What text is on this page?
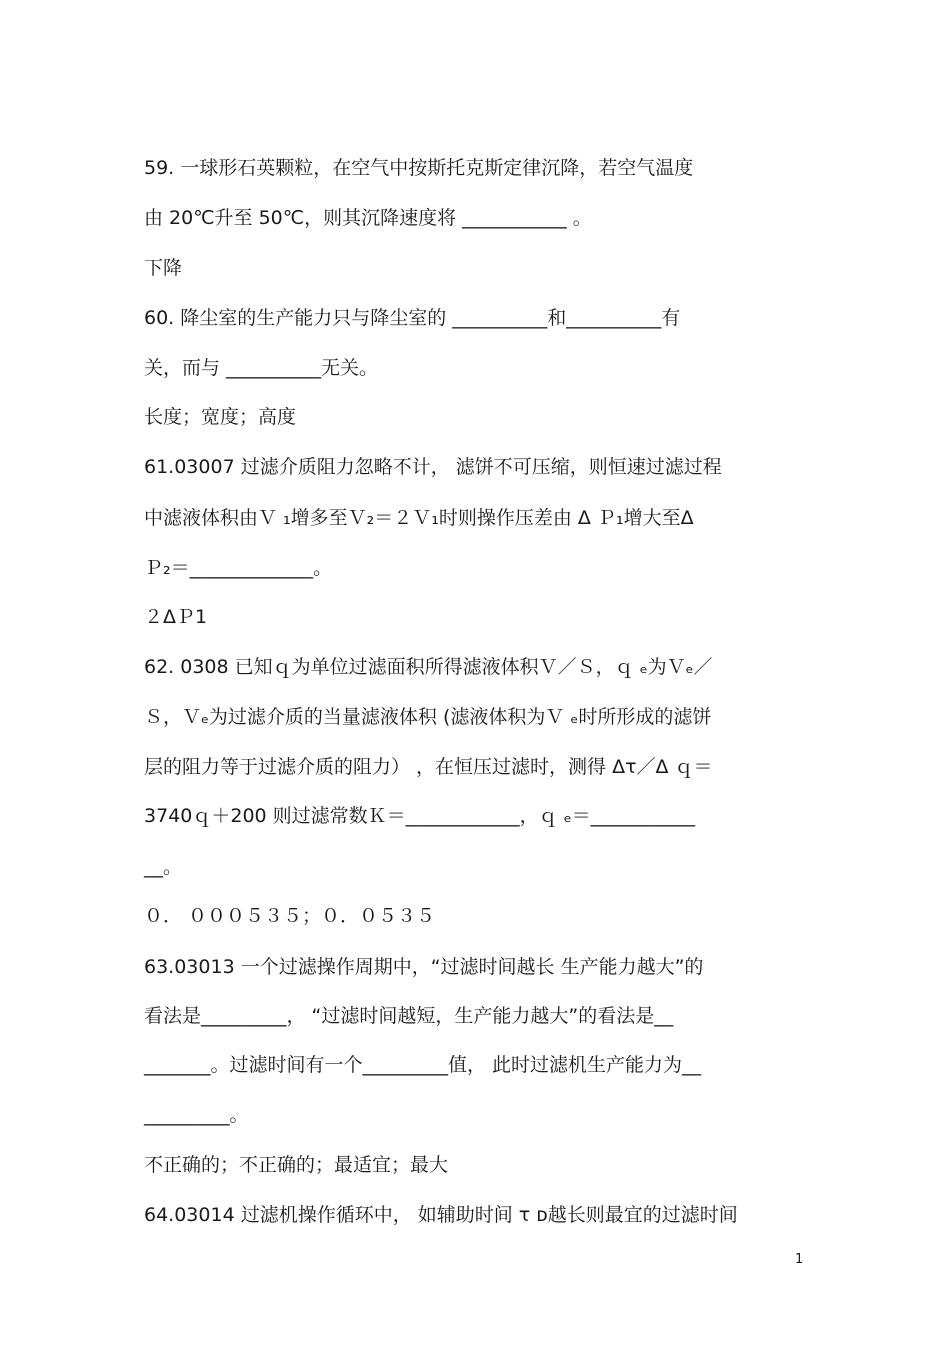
59. 一球形石英颗粒，在空气中按斯托克斯定律沉降，若空气温度
由 20℃升至 50℃，则其沉降速度将 ___________ 。
下降
60. 降尘室的生产能力只与降尘室的 __________和__________有
关，而与 __________无关。
长度；宽度；高度
61.03007 过滤介质阻力忽略不计， 滤饼不可压缩，则恒速过滤过程
中滤液体积由Ｖ ₁增多至Ｖ₂＝２Ｖ₁时则操作压差由 Δ Ｐ₁增大至Δ
Ｐ₂＝_____________。
２ΔＰ1
62. 0308 已知ｑ为单位过滤面积所得滤液体积Ｖ／Ｓ，ｑ ₑ为Ｖₑ／
Ｓ，Ｖₑ为过滤介质的当量滤液体积 (滤液体积为Ｖ ₑ时所形成的滤饼
层的阻力等于过滤介质的阻力） ，在恒压过滤时，测得 Δτ／Δ ｑ＝
3740ｑ＋200 则过滤常数Ｋ＝____________，ｑ ₑ＝___________
__。
０． ０００５３５；０．０５３５
63.03013 一个过滤操作周期中，“过滤时间越长 生产能力越大”的
看法是_________， “过滤时间越短，生产能力越大”的看法是__
_______。过滤时间有一个_________值， 此时过滤机生产能力为__
_________。
不正确的；不正确的；最适宜；最大
64.03014 过滤机操作循环中， 如辅助时间 τ ᴅ越长则最宜的过滤时间
1
